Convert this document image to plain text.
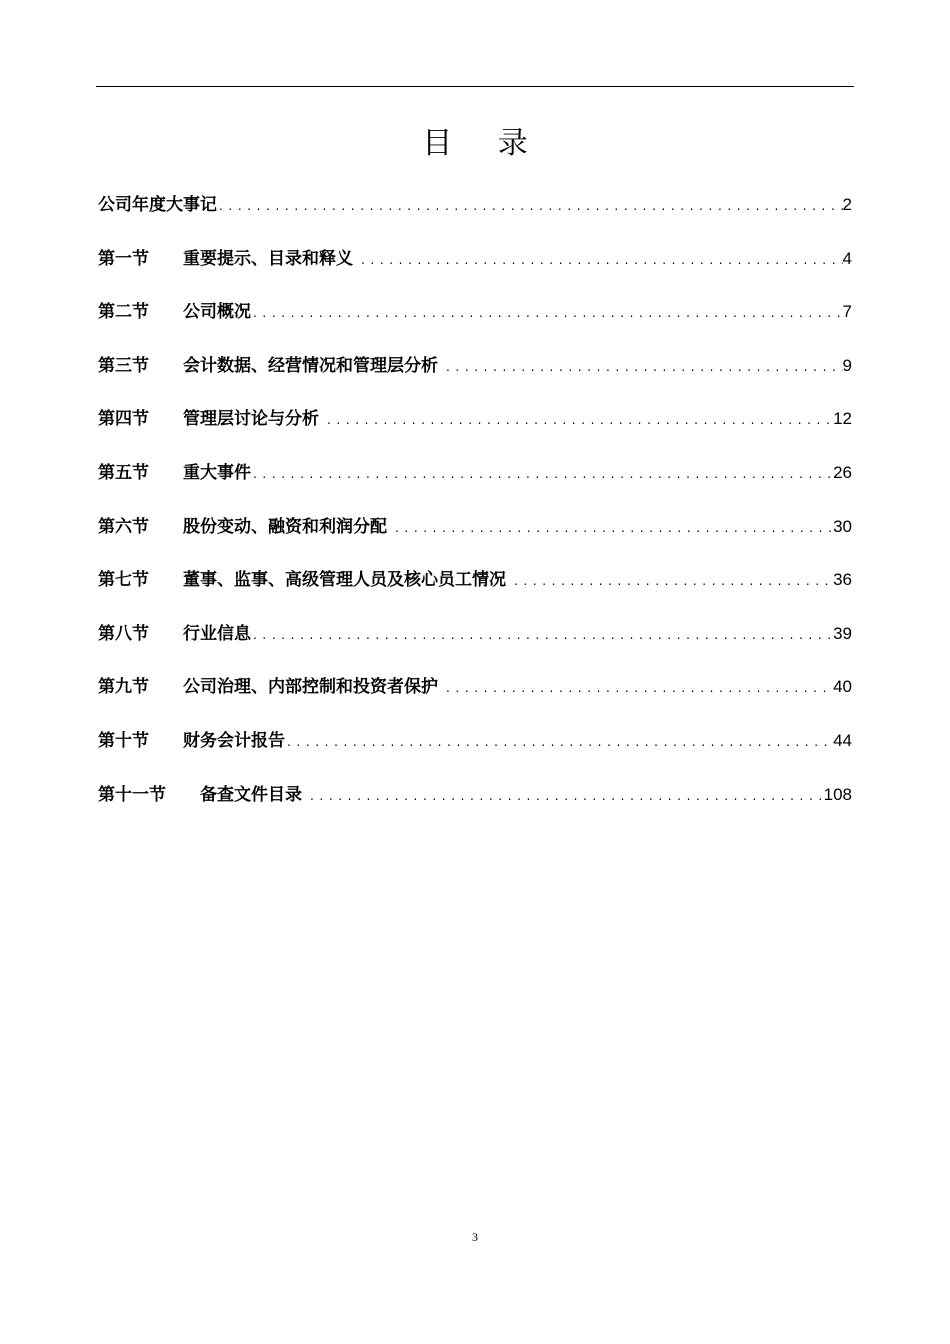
目 录
公司年度大事记 .....	2
第一节	重要提示、目录和释义 .....	4
第二节	公司概况 .....	7
第三节	会计数据、经营情况和管理层分析 .....	9
第四节	管理层讨论与分析 .....	12
第五节	重大事件 .....	26
第六节	股份变动、融资和利润分配 .....	30
第七节	董事、监事、高级管理人员及核心员工情况 .....	36
第八节	行业信息 .....	39
第九节	公司治理、内部控制和投资者保护 .....	40
第十节	财务会计报告 .....	44
第十一节	备查文件目录 .....	108
3
